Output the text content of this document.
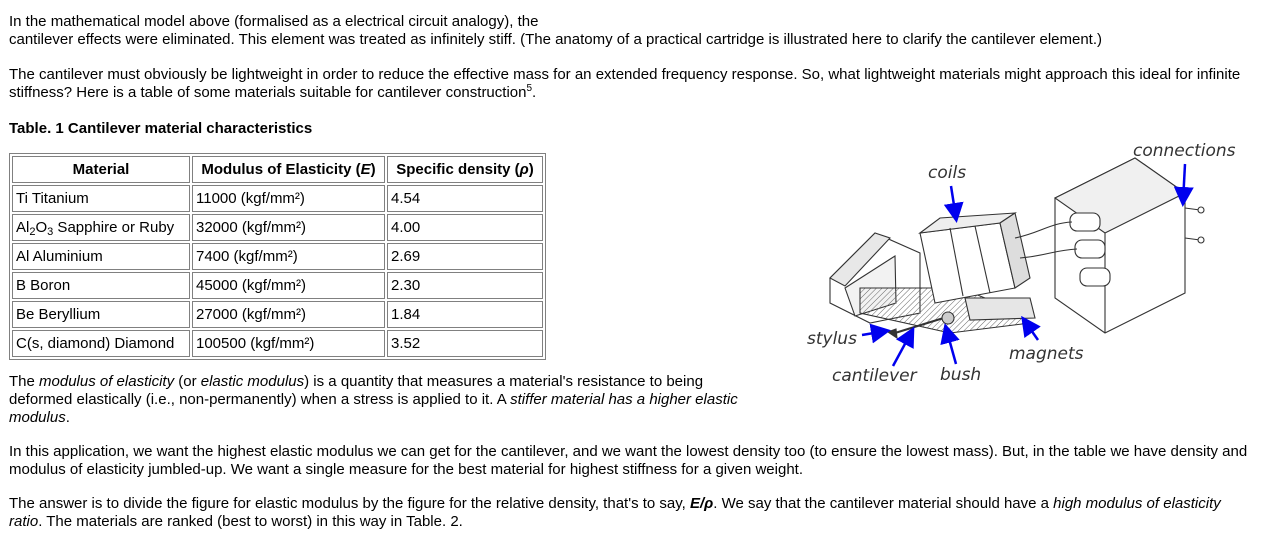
In the mathematical model above (formalised as a electrical circuit analogy), the
cantilever effects were eliminated. This element was treated as infinitely stiff. (The anatomy of a practical cartridge is illustrated here to clarify the cantilever element.)

The cantilever must obviously be lightweight in order to reduce the effective mass for an extended frequency response. So, what lightweight materials might approach this ideal for infinite stiffness? Here is a table of some materials suitable for cantilever construction$^5$.

Table. 1 Cantilever material characteristics
Material	Modulus of Elasticity (E)	Specific density (ρ)
Ti Titanium	11000 (kgf/mm²)	4.54
$Al_2O_3$ Sapphire or Ruby	32000 (kgf/mm²)	4.00
Al Aluminium	7400 (kgf/mm²)	2.69
B Boron	45000 (kgf/mm²)	2.30
Be Beryllium	27000 (kgf/mm²)	1.84
C(s, diamond) Diamond	100500 (kgf/mm²)	3.52

The modulus of elasticity (or elastic modulus) is a quantity that measures a material's resistance to being deformed elastically (i.e., non-permanently) when a stress is applied to it. A stiffer material has a higher elastic modulus.

In this application, we want the highest elastic modulus we can get for the cantilever, and we want the lowest density too (to ensure the lowest mass). But, in the table we have density and modulus of elasticity jumbled-up. We want a single measure for the best material for highest stiffness for a given weight.

The answer is to divide the figure for elastic modulus by the figure for the relative density, that's to say, E/ρ. We say that the cantilever material should have a high modulus of elasticity ratio. The materials are ranked (best to worst) in this way in Table. 2.

connections
coils
stylus
magnets
cantilever bush
